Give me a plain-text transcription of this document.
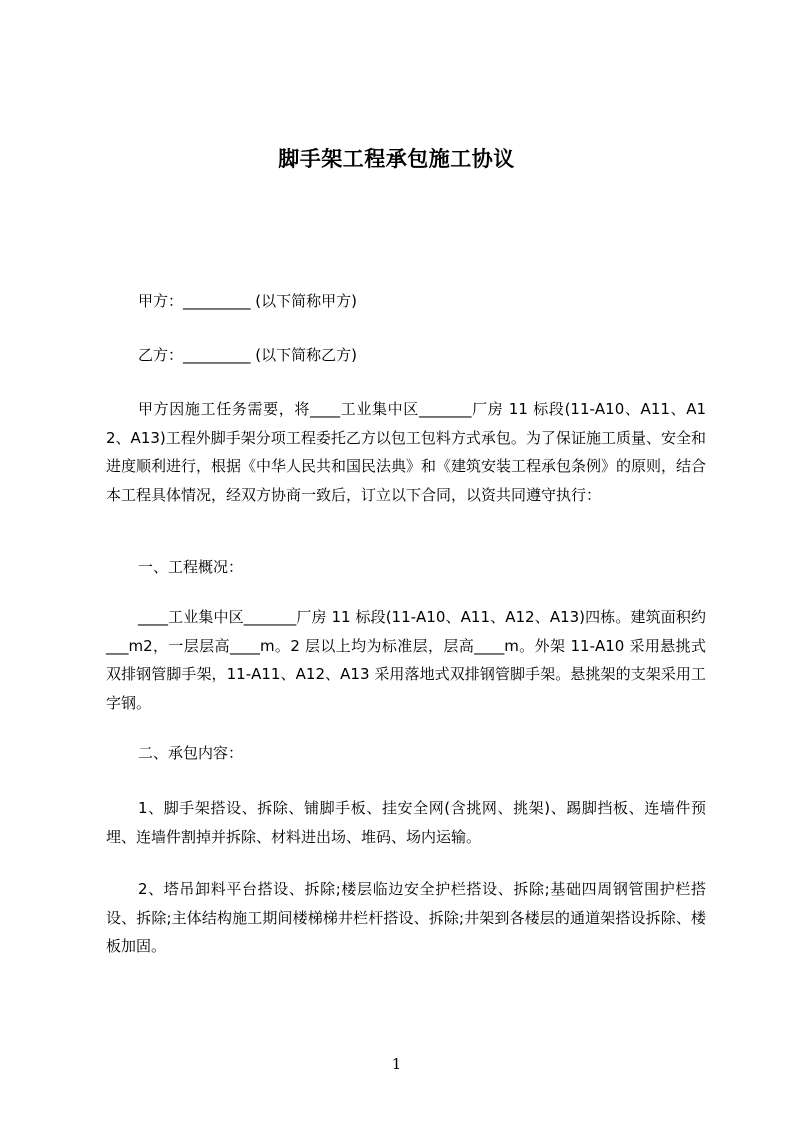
脚手架工程承包施工协议
甲方：_________ (以下简称甲方)
乙方：_________ (以下简称乙方)
甲方因施工任务需要，将____工业集中区_______厂房 11 标段(11-A10、A11、A12、A13)工程外脚手架分项工程委托乙方以包工包料方式承包。为了保证施工质量、安全和进度顺利进行，根据《中华人民共和国民法典》和《建筑安装工程承包条例》的原则，结合本工程具体情况，经双方协商一致后，订立以下合同，以资共同遵守执行：
一、工程概况：
____工业集中区_______厂房 11 标段(11-A10、A11、A12、A13)四栋。建筑面积约___m2，一层层高____m。2 层以上均为标准层，层高____m。外架 11-A10 采用悬挑式双排钢管脚手架，11-A11、A12、A13 采用落地式双排钢管脚手架。悬挑架的支架采用工字钢。
二、承包内容：
1、脚手架搭设、拆除、铺脚手板、挂安全网(含挑网、挑架)、踢脚挡板、连墙件预埋、连墙件割掉并拆除、材料进出场、堆码、场内运输。
2、塔吊卸料平台搭设、拆除;楼层临边安全护栏搭设、拆除;基础四周钢管围护栏搭设、拆除;主体结构施工期间楼梯梯井栏杆搭设、拆除;井架到各楼层的通道架搭设拆除、楼板加固。
1
